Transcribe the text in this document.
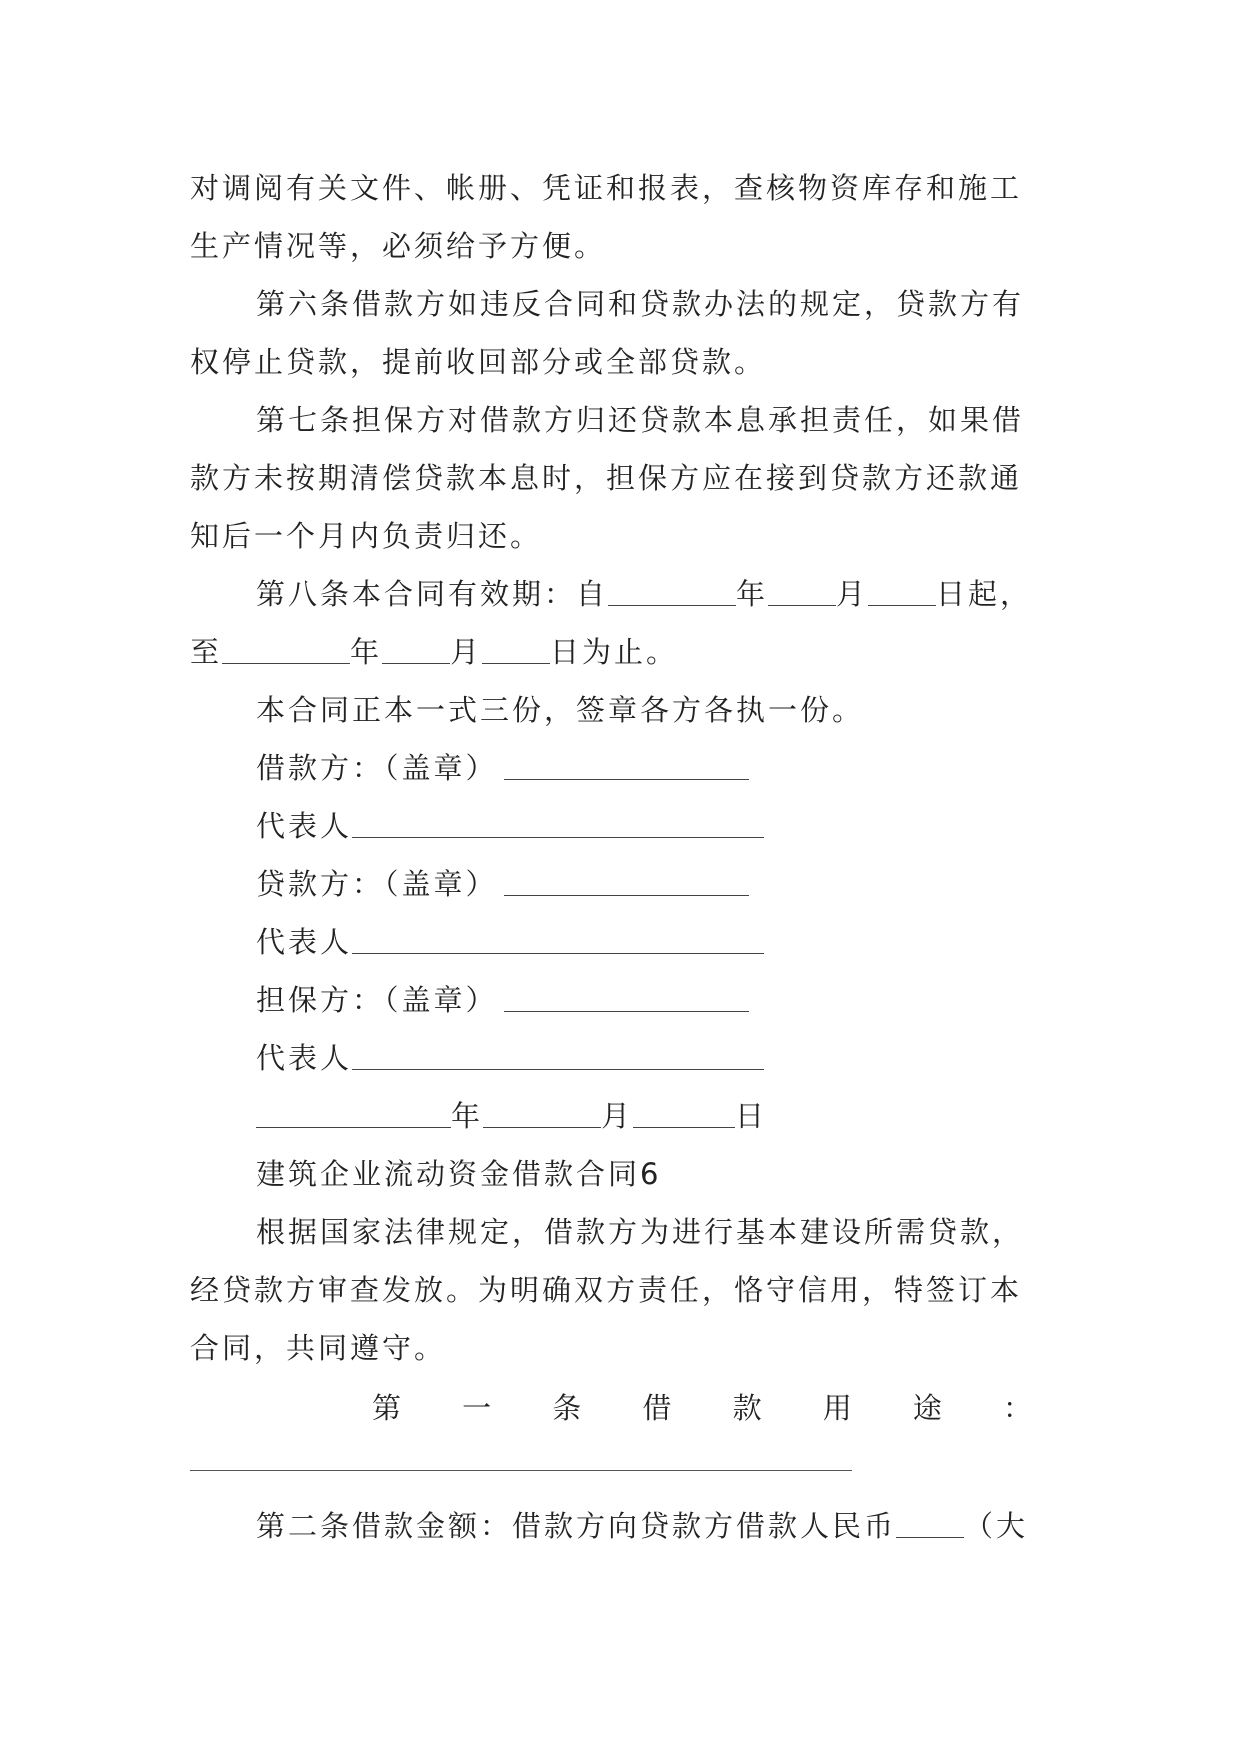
对调阅有关文件、帐册、凭证和报表，查核物资库存和施工
生产情况等，必须给予方便。
第六条借款方如违反合同和贷款办法的规定，贷款方有
权停止贷款，提前收回部分或全部贷款。
第七条担保方对借款方归还贷款本息承担责任，如果借
款方未按期清偿贷款本息时，担保方应在接到贷款方还款通
知后一个月内负责归还。
第八条本合同有效期：自	年 月 日起，
至	年 月 日为止。
本合同正本一式三份，签章各方各执一份。
借款方：（盖章）
代表人
贷款方：（盖章）
代表人
担保方：（盖章）
代表人
年	月	日
建筑企业流动资金借款合同6
根据国家法律规定，借款方为进行基本建设所需贷款，
经贷款方审查发放。为明确双方责任，恪守信用，特签订本
合同，共同遵守。
第一条借款用途：
第二条借款金额：借款方向贷款方借款人民币 （大
